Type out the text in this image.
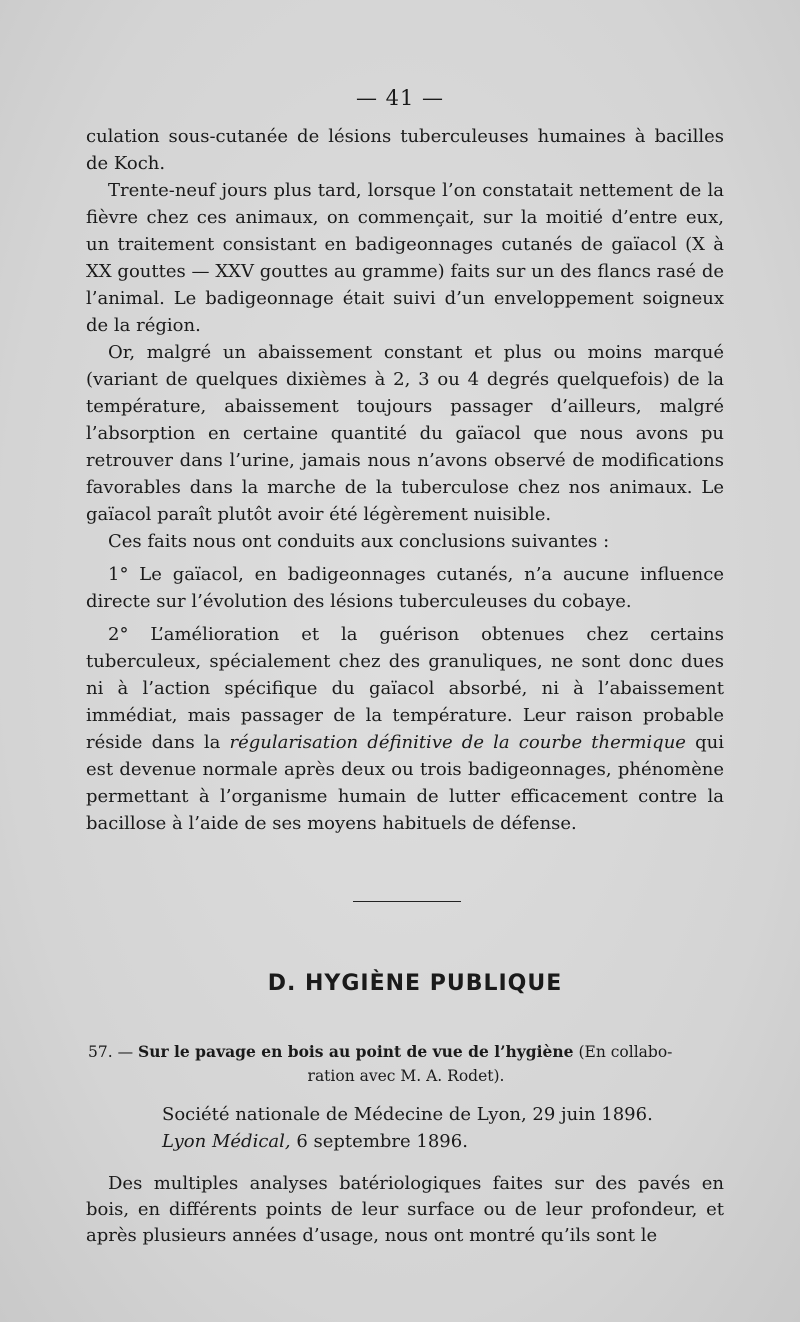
— 41 —

culation sous-cutanée de lésions tuberculeuses humaines à bacilles de Koch.

Trente-neuf jours plus tard, lorsque l’on constatait nettement de la fièvre chez ces animaux, on commençait, sur la moitié d’entre eux, un traitement consistant en badigeonnages cutanés de gaïacol (X à XX gouttes — XXV gouttes au gramme) faits sur un des flancs rasé de l’animal. Le badigeonnage était suivi d’un enveloppement soigneux de la région.

Or, malgré un abaissement constant et plus ou moins marqué (variant de quelques dixièmes à 2, 3 ou 4 degrés quelquefois) de la température, abaissement toujours passager d’ailleurs, malgré l’absorption en certaine quantité du gaïacol que nous avons pu retrouver dans l’urine, jamais nous n’avons observé de modifications favorables dans la marche de la tuberculose chez nos animaux. Le gaïacol paraît plutôt avoir été légèrement nuisible.

Ces faits nous ont conduits aux conclusions suivantes :

1° Le gaïacol, en badigeonnages cutanés, n’a aucune influence directe sur l’évolution des lésions tuberculeuses du cobaye.

2° L’amélioration et la guérison obtenues chez certains tuberculeux, spécialement chez des granuliques, ne sont donc dues ni à l’action spécifique du gaïacol absorbé, ni à l’abaissement immédiat, mais passager de la température. Leur raison probable réside dans la régularisation définitive de la courbe thermique qui est devenue normale après deux ou trois badigeonnages, phénomène permettant à l’organisme humain de lutter efficacement contre la bacillose à l’aide de ses moyens habituels de défense.

D. HYGIÈNE PUBLIQUE
57. — Sur le pavage en bois au point de vue de l’hygiène (En collabo-
ration avec M. A. Rodet).
Société nationale de Médecine de Lyon, 29 juin 1896.
Lyon Médical, 6 septembre 1896.

Des multiples analyses batériologiques faites sur des pavés en bois, en différents points de leur surface ou de leur profondeur, et après plusieurs années d’usage, nous ont montré qu’ils sont le
